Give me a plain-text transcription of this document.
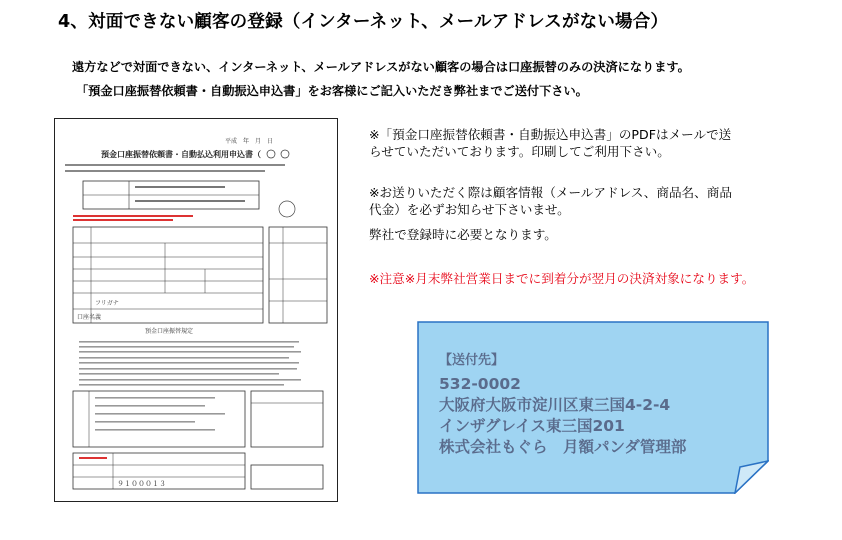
4、対面できない顧客の登録（インターネット、メールアドレスがない場合）
遠方などで対面できない、インターネット、メールアドレスがない顧客の場合は口座振替のみの決済になります。
「預金口座振替依頼書・自動振込申込書」をお客様にご記入いただき弊社までご送付下さい。
平成　年　月　日
預金口座振替依頼書・自動払込利用申込書（
口座名義
フリガナ
預金口座振替規定
９１０００１３
※「預金口座振替依頼書・自動振込申込書」のPDFはメールで送
らせていただいております。印刷してご利用下さい。
※お送りいただく際は顧客情報（メールアドレス、商品名、商品
代金）を必ずお知らせ下さいませ。
弊社で登録時に必要となります。
※注意※月末弊社営業日までに到着分が翌月の決済対象になります。
【送付先】
532-0002
大阪府大阪市淀川区東三国4-2-4
インザグレイス東三国201
株式会社もぐら　月額パンダ管理部
